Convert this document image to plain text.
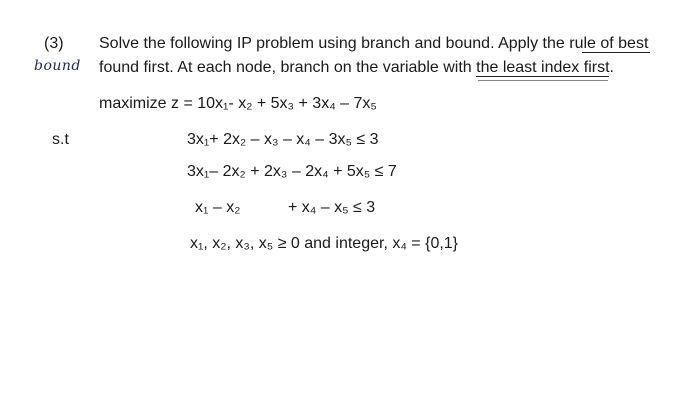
(3) Solve the following IP problem using branch and bound. Apply the rule of best
found first. At each node, branch on the variable with the least index first.
bound
maximize z = 10x₁- x₂ + 5x₃ + 3x₄ – 7x₅
s.t	3x₁+ 2x₂ – x₃ – x₄ – 3x₅ ≤ 3
3x₁– 2x₂ + 2x₃ – 2x₄ + 5x₅ ≤ 7
x₁ – x₂	+ x₄ – x₅ ≤ 3
x₁, x₂, x₃, x₅ ≥ 0 and integer, x₄ = {0,1}
